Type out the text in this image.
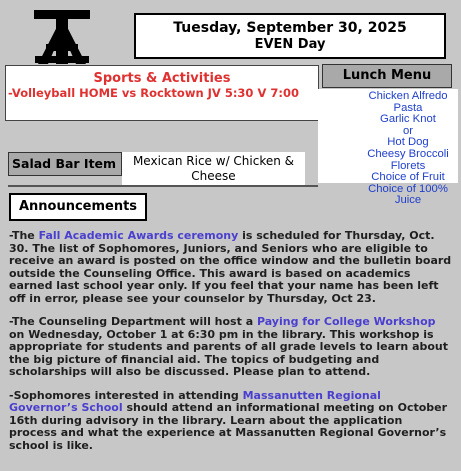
Tuesday, September 30, 2025
EVEN Day
Sports & Activities
-Volleyball HOME vs Rocktown JV 5:30 V 7:00
Lunch Menu
Chicken Alfredo Pasta
Garlic Knot
or
Hot Dog
Cheesy Broccoli Florets
Choice of Fruit
Choice of 100% Juice
Salad Bar Item	Mexican Rice w/ Chicken & Cheese
Announcements

-The Fall Academic Awards ceremony is scheduled for Thursday, Oct. 30. The list of Sophomores, Juniors, and Seniors who are eligible to receive an award is posted on the office window and the bulletin board outside the Counseling Office. This award is based on academics earned last school year only. If you feel that your name has been left off in error, please see your counselor by Thursday, Oct 23.

-The Counseling Department will host a Paying for College Workshop on Wednesday, October 1 at 6:30 pm in the library. This workshop is appropriate for students and parents of all grade levels to learn about the big picture of financial aid. The topics of budgeting and scholarships will also be discussed. Please plan to attend.

-Sophomores interested in attending Massanutten Regional Governor’s School should attend an informational meeting on October 16th during advisory in the library. Learn about the application process and what the experience at Massanutten Regional Governor’s school is like.
